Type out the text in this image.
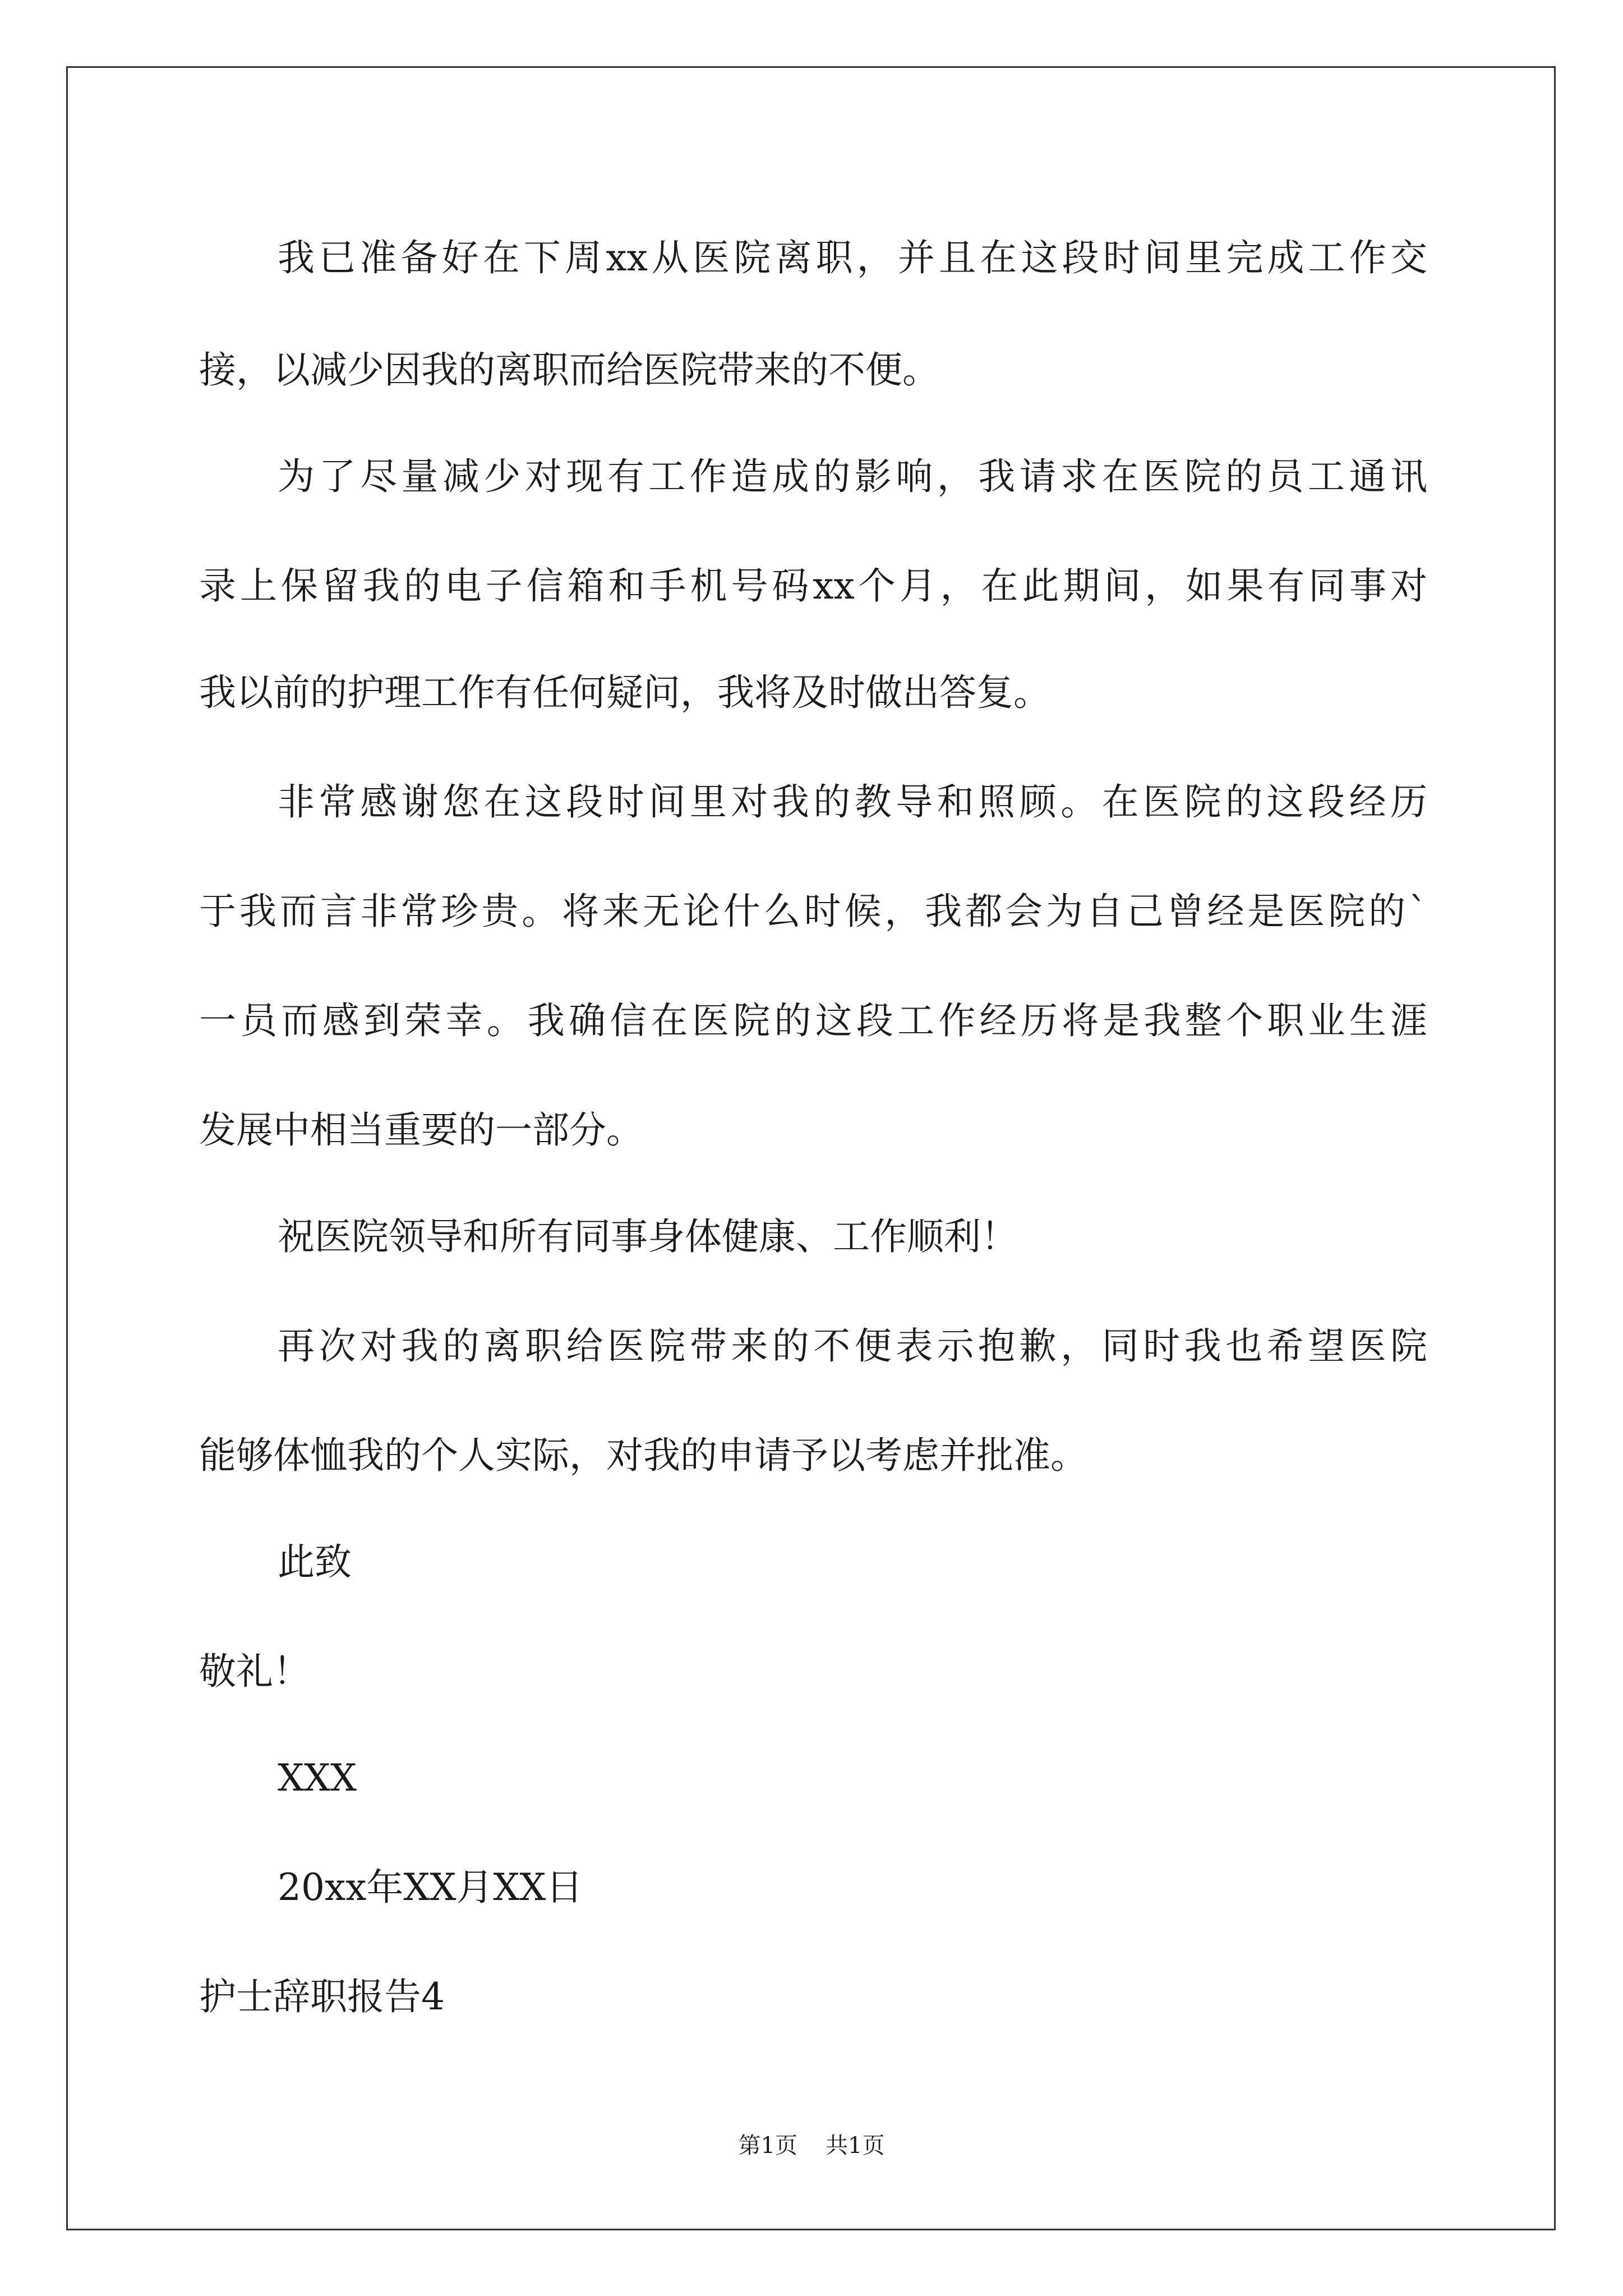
我已准备好在下周xx从医院离职，并且在这段时间里完成工作交
接，以减少因我的离职而给医院带来的不便。
为了尽量减少对现有工作造成的影响，我请求在医院的员工通讯
录上保留我的电子信箱和手机号码xx个月，在此期间，如果有同事对
我以前的护理工作有任何疑问，我将及时做出答复。
非常感谢您在这段时间里对我的教导和照顾。在医院的这段经历
于我而言非常珍贵。将来无论什么时候，我都会为自己曾经是医院的`
一员而感到荣幸。我确信在医院的这段工作经历将是我整个职业生涯
发展中相当重要的一部分。
祝医院领导和所有同事身体健康、工作顺利！
再次对我的离职给医院带来的不便表示抱歉，同时我也希望医院
能够体恤我的个人实际，对我的申请予以考虑并批准。
此致
敬礼！
XXX
20xx年XX月XX日
护士辞职报告4
第1页 共1页
